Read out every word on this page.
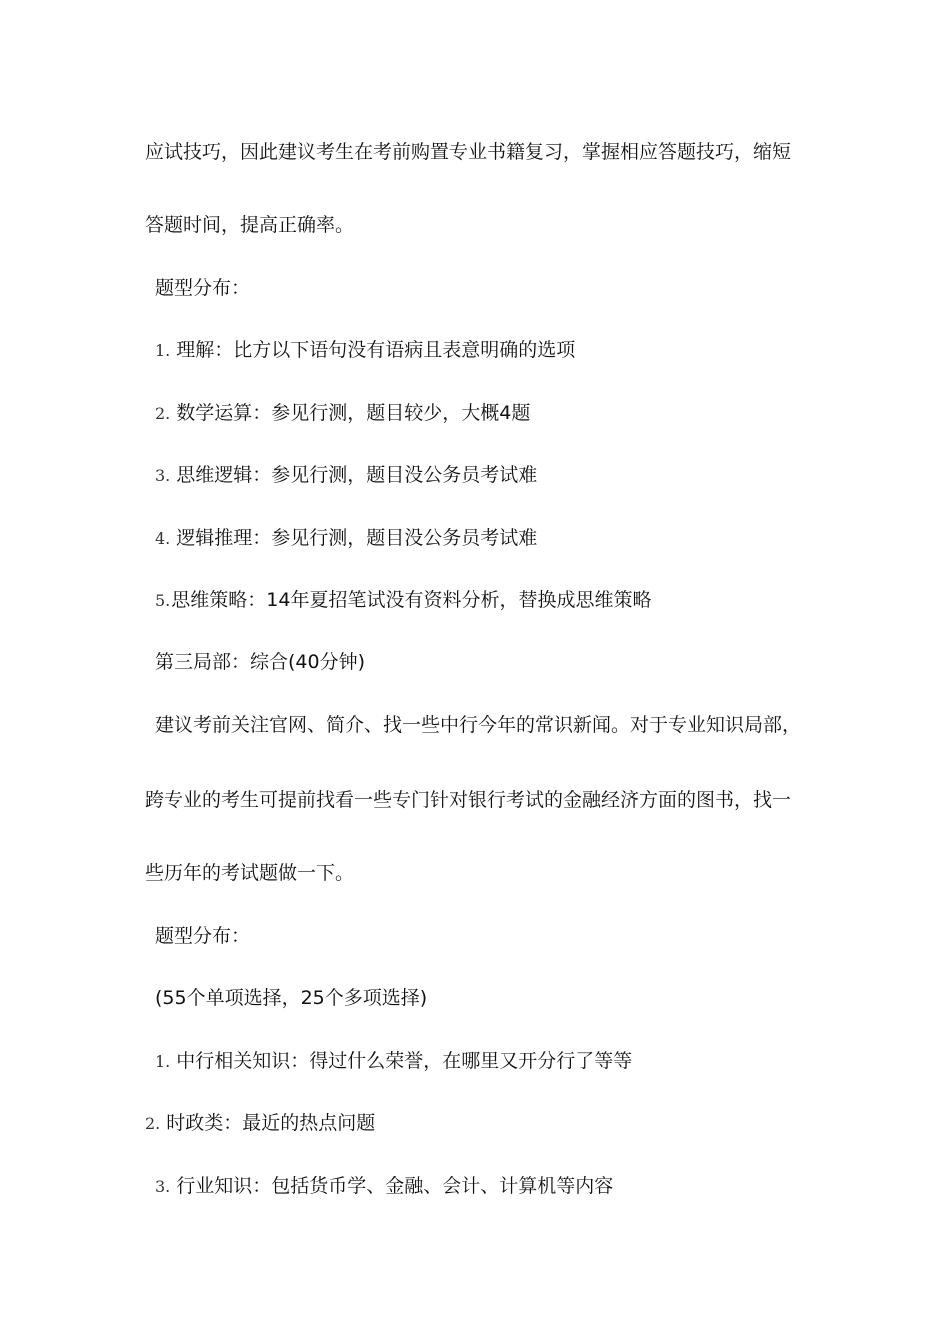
应试技巧，因此建议考生在考前购置专业书籍复习，掌握相应答题技巧，缩短
答题时间，提高正确率。
题型分布：
1. 理解：比方以下语句没有语病且表意明确的选项
2. 数学运算：参见行测，题目较少，大概4题
3. 思维逻辑：参见行测，题目没公务员考试难
4. 逻辑推理：参见行测，题目没公务员考试难
5.思维策略：14年夏招笔试没有资料分析，替换成思维策略
第三局部：综合(40分钟)
建议考前关注官网、简介、找一些中行今年的常识新闻。对于专业知识局部，
跨专业的考生可提前找看一些专门针对银行考试的金融经济方面的图书，找一
些历年的考试题做一下。
题型分布：
(55个单项选择，25个多项选择)
1. 中行相关知识：得过什么荣誉，在哪里又开分行了等等
2. 时政类：最近的热点问题
3. 行业知识：包括货币学、金融、会计、计算机等内容
